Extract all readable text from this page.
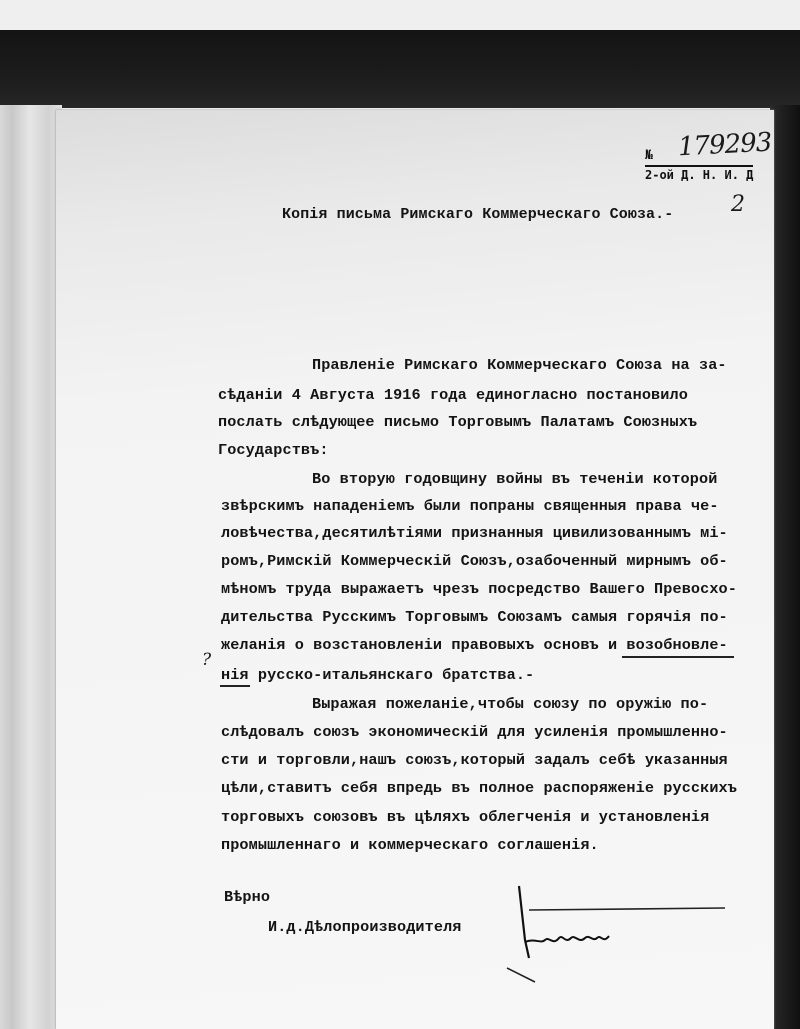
№
2-ой Д. Н. И. Д
179293
2
Копія письма Римскаго Коммерческаго Союза.-
Правленіе Римскаго Коммерческаго Союза на за-
сѣданіи 4 Августа 1916 года единогласно постановило
послать слѣдующее письмо Торговымъ Палатамъ Союзныхъ
Государствъ:
Во вторую годовщину войны въ теченіи которой
звѣрскимъ нападеніемъ были попраны священныя права че-
ловѣчества,десятилѣтіями признанныя цивилизованнымъ мі-
ромъ,Римскій Коммерческій Союзъ,озабоченный мирнымъ об-
мѣномъ труда выражаетъ чрезъ посредство Вашего Превосхо-
дительства Русскимъ Торговымъ Союзамъ самыя горячія по-
желанія о возстановленіи правовыхъ основъ и возобновле-
нія русско-итальянскаго братства.-
Выражая пожеланіе,чтобы союзу по оружію по-
слѣдовалъ союзъ экономическій для усиленія промышленно-
сти и торговли,нашъ союзъ,который задалъ себѣ указанныя
цѣли,ставитъ себя впредь въ полное распоряженіе русскихъ
торговыхъ союзовъ въ цѣляхъ облегченія и установленія
промышленнаго и коммерческаго соглашенія.
?
Вѣрно
И.д.Дѣлопроизводителя
